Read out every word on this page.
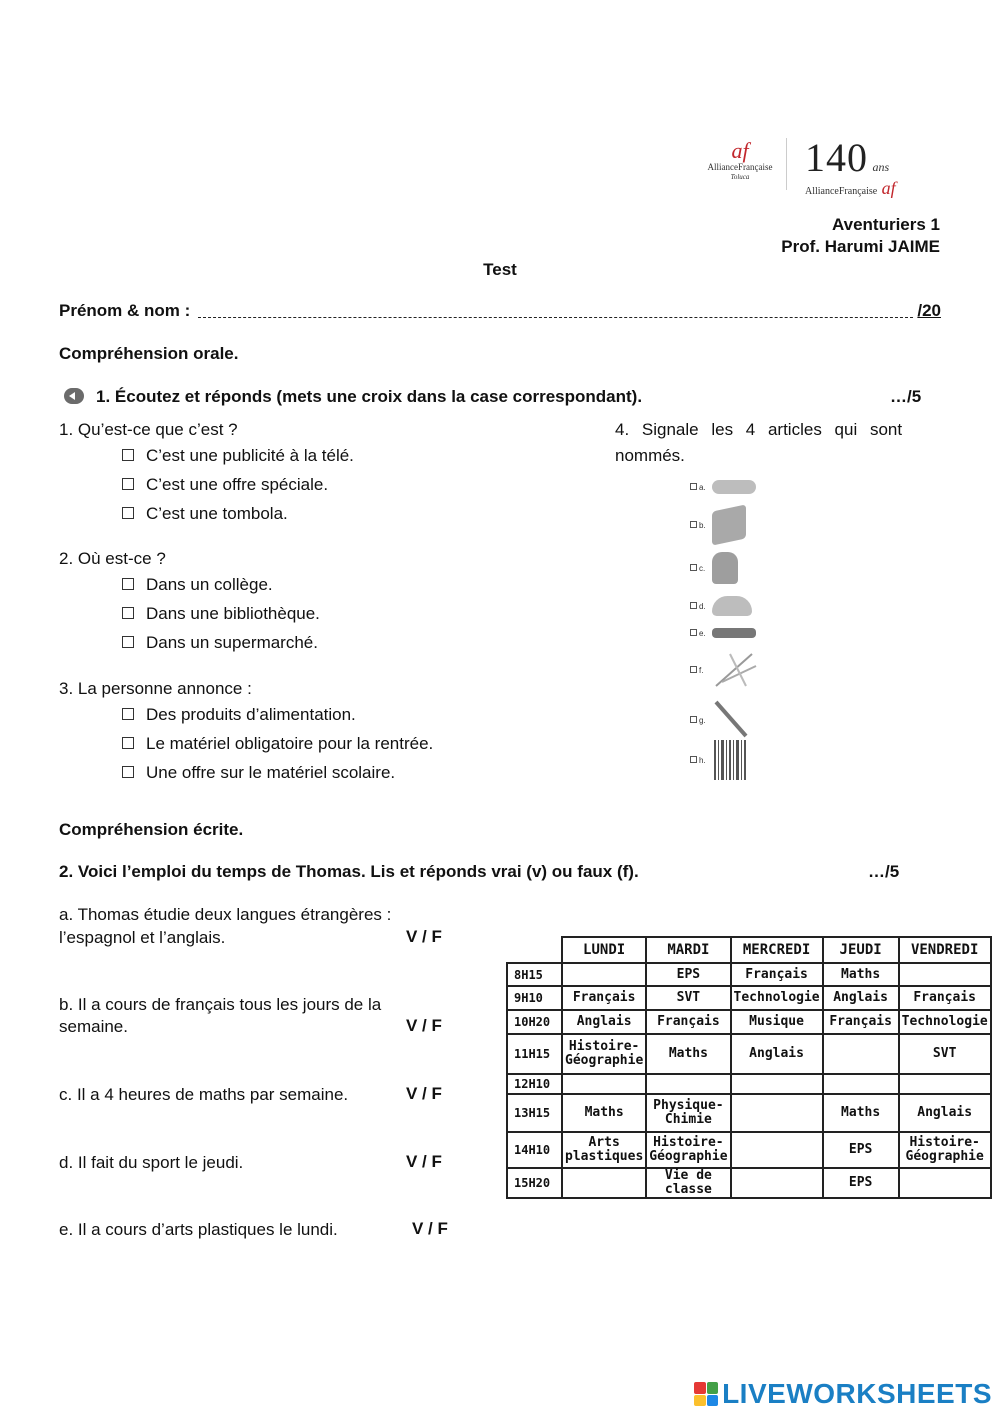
af
AllianceFrançaise
Toluca	140 ans
AllianceFrançaise af
Aventuriers 1
Prof. Harumi JAIME
Test
Prénom & nom :	/20
Compréhension orale.
1. Écoutez et réponds (mets une croix dans la case correspondant).	…/5
1. Qu’est-ce que c’est ?
C’est une publicité à la télé.
C’est une offre spéciale.
C’est une tombola.
2. Où est-ce ?
Dans un collège.
Dans une bibliothèque.
Dans un supermarché.
3. La personne annonce :
Des produits d’alimentation.
Le matériel obligatoire pour la rentrée.
Une offre sur le matériel scolaire.
4. Signale les 4 articles qui sont
nommés.
a.
b.
c.
d.
e.
f.
g.
h.
Compréhension écrite.
2. Voici l’emploi du temps de Thomas. Lis et réponds vrai (v) ou faux (f).	…/5
a. Thomas étudie deux langues étrangères :
l’espagnol et l’anglais.	V / F
b. Il a cours de français tous les jours de la
semaine.	V / F
c. Il a 4 heures de maths par semaine.	V / F
d. Il fait du sport le jeudi.	V / F
e. Il a cours d’arts plastiques le lundi.	V / F
	LUNDI	MARDI	MERCREDI	JEUDI	VENDREDI
8H15		EPS	Français	Maths	
9H10	Français	SVT	Technologie	Anglais	Français
10H20	Anglais	Français	Musique	Français	Technologie
11H15	Histoire-Géographie	Maths	Anglais		SVT
12H10					
13H15	Maths	Physique-Chimie		Maths	Anglais
14H10	Arts plastiques	Histoire-Géographie		EPS	Histoire-Géographie
15H20		Vie de classe		EPS	
LIVEWORKSHEETS
